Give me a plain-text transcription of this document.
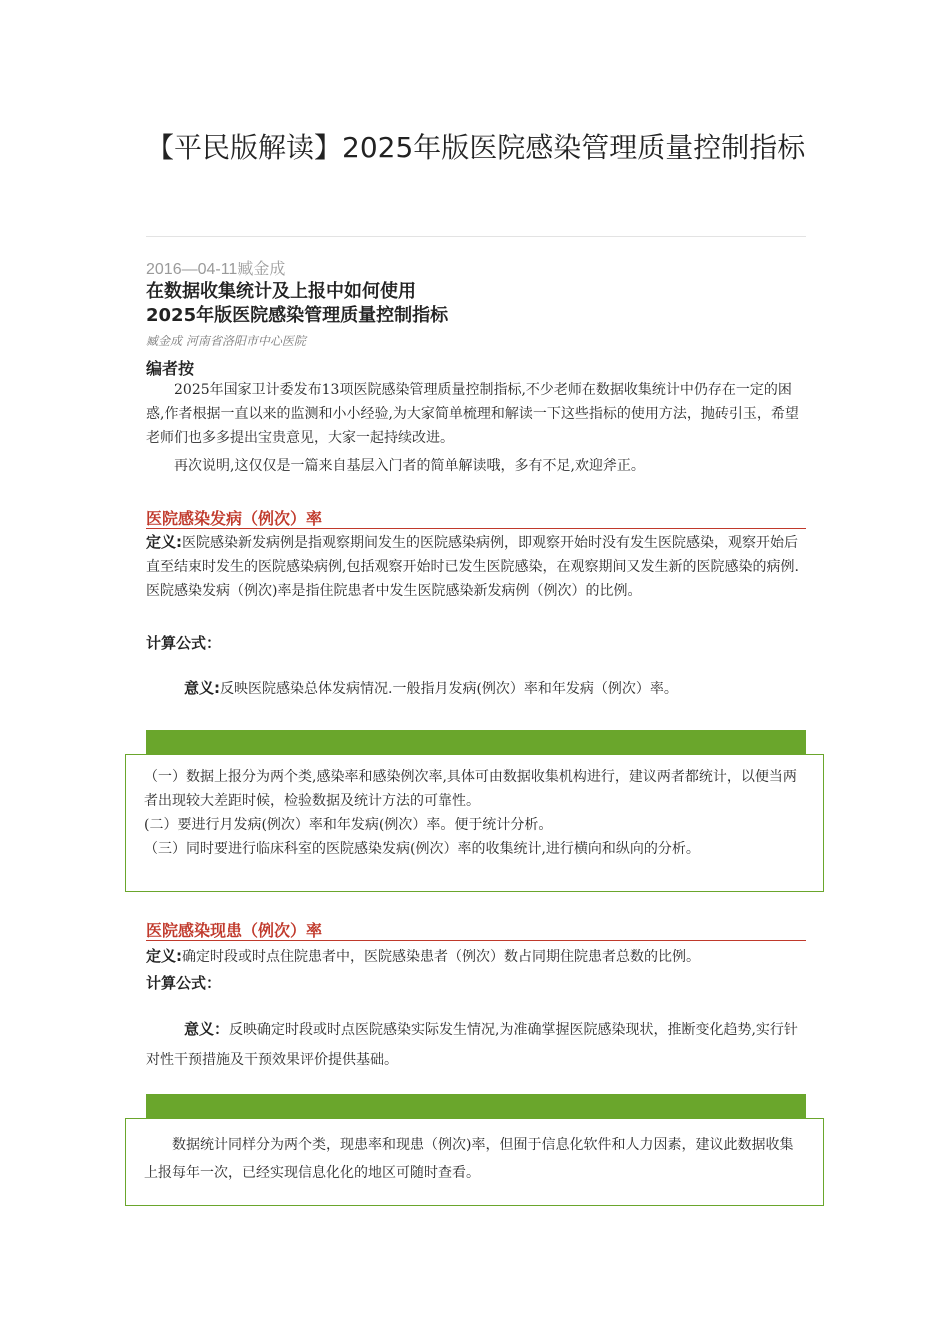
【平民版解读】2025年版医院感染管理质量控制指标
2016—04-11臧金成
在数据收集统计及上报中如何使用
2025年版医院感染管理质量控制指标
臧金成 河南省洛阳市中心医院
编者按
2025年国家卫计委发布13项医院感染管理质量控制指标,不少老师在数据收集统计中仍存在一定的困惑,作者根据一直以来的监测和小小经验,为大家简单梳理和解读一下这些指标的使用方法，抛砖引玉，希望老师们也多多提出宝贵意见，大家一起持续改进。
再次说明,这仅仅是一篇来自基层入门者的简单解读哦，多有不足,欢迎斧正。
医院感染发病（例次）率
定义:医院感染新发病例是指观察期间发生的医院感染病例，即观察开始时没有发生医院感染，观察开始后直至结束时发生的医院感染病例,包括观察开始时已发生医院感染，在观察期间又发生新的医院感染的病例.医院感染发病（例次)率是指住院患者中发生医院感染新发病例（例次）的比例。
计算公式：
意义:反映医院感染总体发病情况.一般指月发病(例次）率和年发病（例次）率。
（一）数据上报分为两个类,感染率和感染例次率,具体可由数据收集机构进行，建议两者都统计，以便当两者出现较大差距时候，检验数据及统计方法的可靠性。
(二）要进行月发病(例次）率和年发病(例次）率。便于统计分析。
（三）同时要进行临床科室的医院感染发病(例次）率的收集统计,进行横向和纵向的分析。
医院感染现患（例次）率
定义:确定时段或时点住院患者中，医院感染患者（例次）数占同期住院患者总数的比例。
计算公式：
意义：反映确定时段或时点医院感染实际发生情况,为准确掌握医院感染现状，推断变化趋势,实行针对性干预措施及干预效果评价提供基础。
数据统计同样分为两个类，现患率和现患（例次)率，但囿于信息化软件和人力因素，建议此数据收集上报每年一次，已经实现信息化化的地区可随时查看。
